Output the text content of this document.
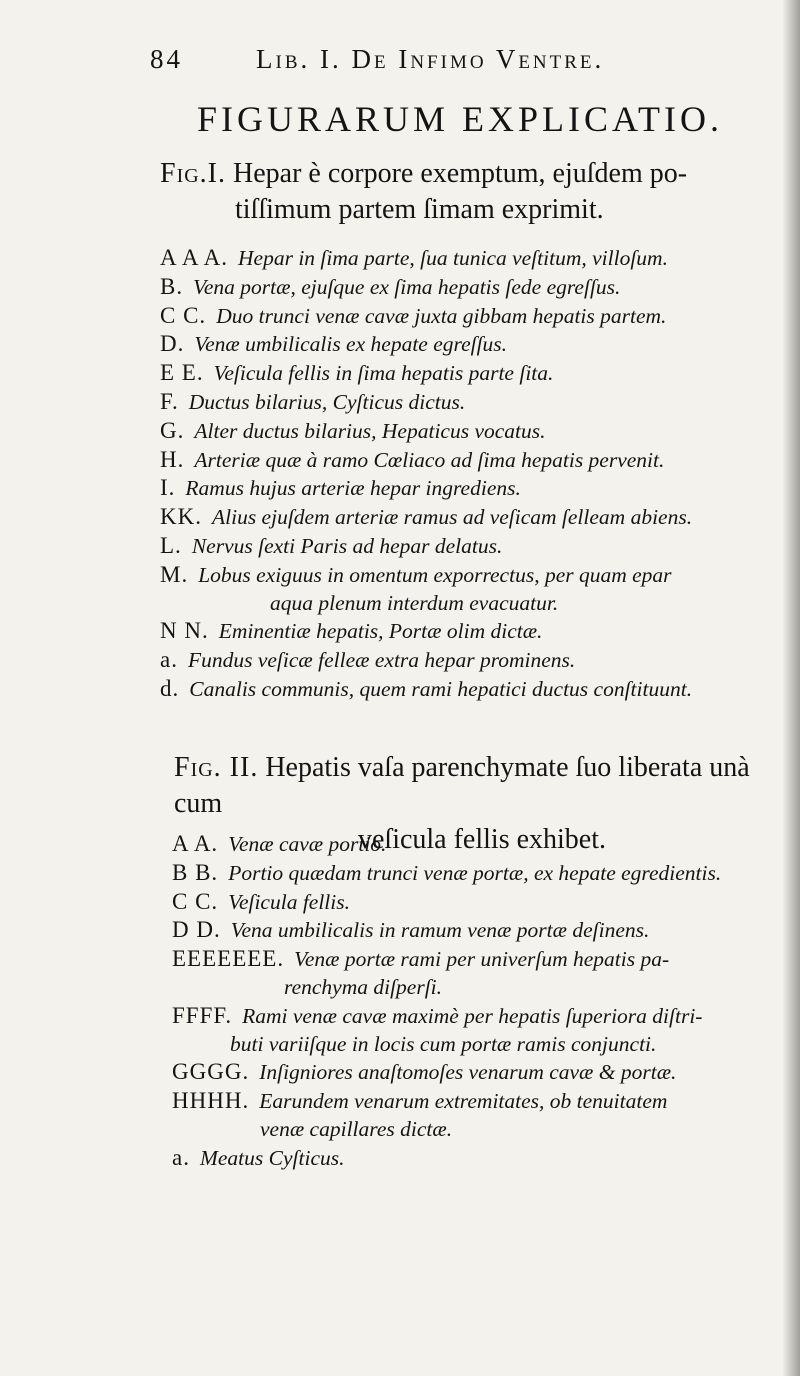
84	Lib. I. De Infimo Ventre.
FIGURARUM EXPLICATIO.
Fig.I. Hepar è corpore exemptum, ejuſdem po-
tiſſimum partem ſimam exprimit.
A A A. Hepar in ſima parte, ſua tunica veſtitum, villoſum.
B. Vena portæ, ejuſque ex ſima hepatis ſede egreſſus.
C C. Duo trunci venæ cavæ juxta gibbam hepatis partem.
D. Venæ umbilicalis ex hepate egreſſus.
E E. Veſicula fellis in ſima hepatis parte ſita.
F. Ductus bilarius, Cyſticus dictus.
G. Alter ductus bilarius, Hepaticus vocatus.
H. Arteriæ quæ à ramo Cœliaco ad ſima hepatis pervenit.
I. Ramus hujus arteriæ hepar ingrediens.
KK. Alius ejuſdem arteriæ ramus ad veſicam ſelleam abiens.
L. Nervus ſexti Paris ad hepar delatus.
M. Lobus exiguus in omentum exporrectus, per quam epar
aqua plenum interdum evacuatur.
N N. Eminentiæ hepatis, Portæ olim dictæ.
a. Fundus veſicæ felleæ extra hepar prominens.
d. Canalis communis, quem rami hepatici ductus conſtituunt.
Fig. II. Hepatis vaſa parenchymate ſuo liberata unà cum
veſicula fellis exhibet.
A A. Venæ cavæ portio.
B B. Portio quædam trunci venæ portæ, ex hepate egredientis.
C C. Veſicula fellis.
D D. Vena umbilicalis in ramum venæ portæ deſinens.
EEEEEEE. Venæ portæ rami per univerſum hepatis pa-
renchyma diſperſi.
FFFF. Rami venæ cavæ maximè per hepatis ſuperiora diſtri-
buti variiſque in locis cum portæ ramis conjuncti.
GGGG. Inſigniores anaſtomoſes venarum cavæ & portæ.
HHHH. Earundem venarum extremitates, ob tenuitatem
venæ capillares dictæ.
a. Meatus Cyſticus.
